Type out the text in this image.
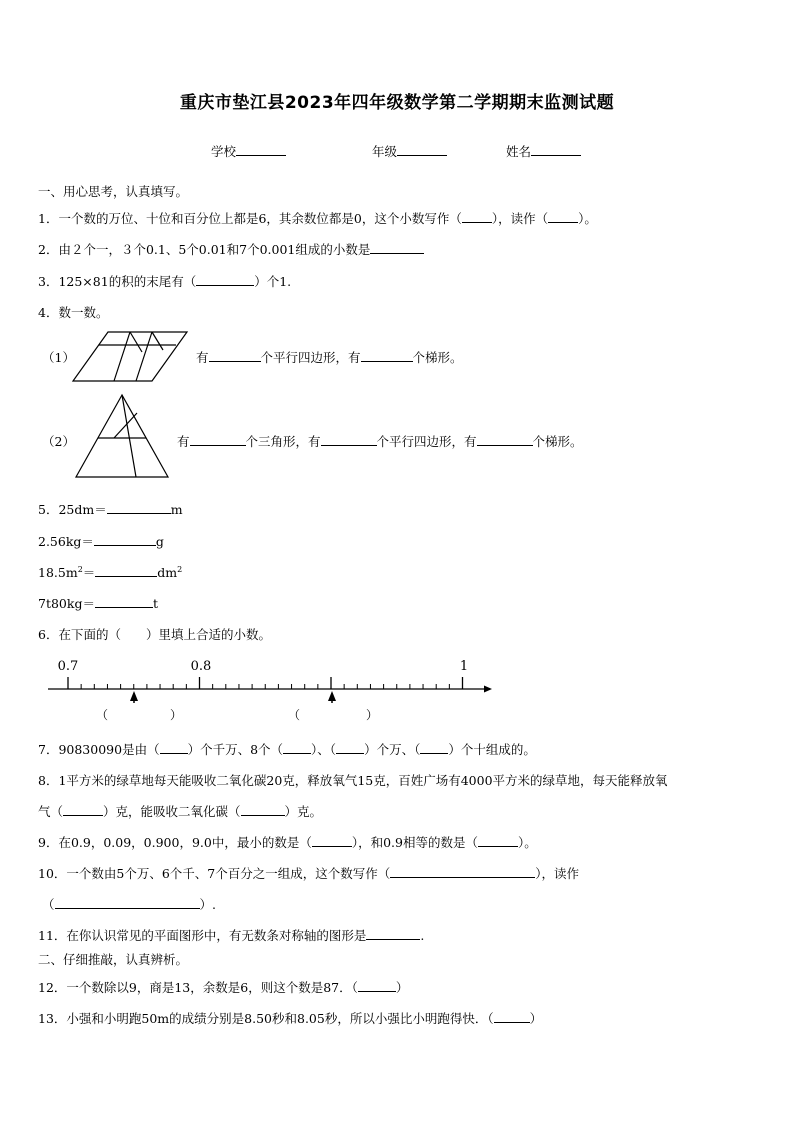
重庆市垫江县2023年四年级数学第二学期期末监测试题
学校	年级	姓名
一、用心思考，认真填写。
1．一个数的万位、十位和百分位上都是6，其余数位都是0，这个小数写作（ ），读作（ ）。
2．由２个一，３个0.1、5个0.01和7个0.001组成的小数是
3．125×81的积的末尾有（	）个1.
4．数一数。
（1）	有	个平行四边形，有	个梯形。
（2）	有	个三角形，有	个平行四边形，有	个梯形。
5．25dm＝	m
2.56kg＝	g
$18.5m^2=$	$dm^2$
7t80kg＝	t
6．在下面的（　　）里填上合适的小数。
0.7	0.8	1
（	）	（	）
7．90830090是由（ ）个千万、8个（ ）、（ ）个万、（ ）个十组成的。
8．1平方米的绿草地每天能吸收二氧化碳20克，释放氧气15克，百姓广场有4000平方米的绿草地，每天能释放氧
气（	）克，能吸收二氧化碳（	）克。
9．在0.9，0.09，0.900，9.0中，最小的数是（	），和0.9相等的数是（	）。
10．一个数由5个万、6个千、7个百分之一组成，这个数写作（	），读作
（	）.
11．在你认识常见的平面图形中，有无数条对称轴的图形是	.
二、仔细推敲，认真辨析。
12．一个数除以9，商是13，余数是6，则这个数是87．（	）
13．小强和小明跑50m的成绩分别是8.50秒和8.05秒，所以小强比小明跑得快．（	）
